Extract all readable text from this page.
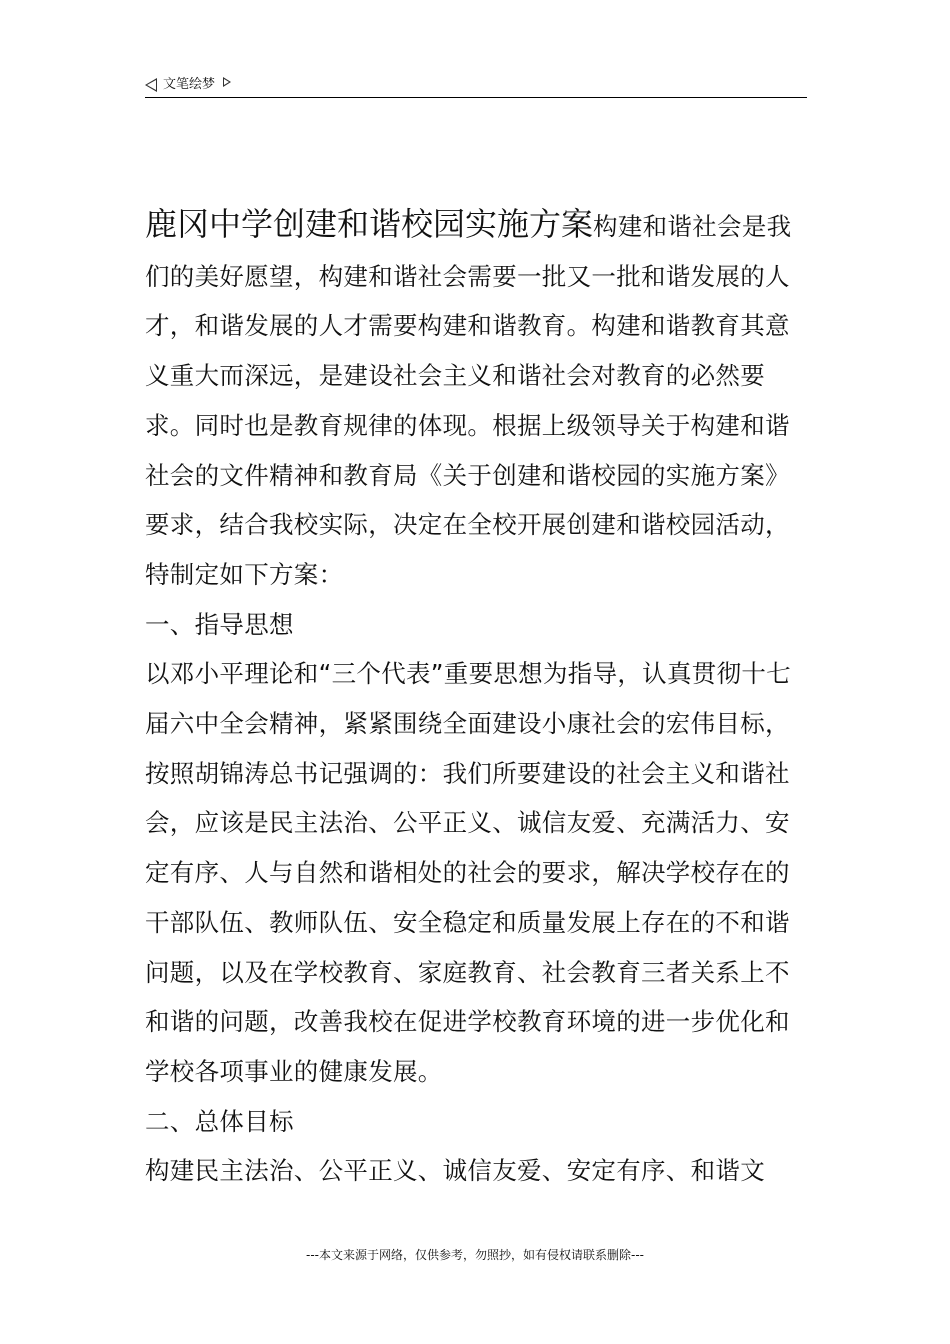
文笔绘梦

鹿冈中学创建和谐校园实施方案构建和谐社会是我们的美好愿望，构建和谐社会需要一批又一批和谐发展的人才，和谐发展的人才需要构建和谐教育。构建和谐教育其意义重大而深远，是建设社会主义和谐社会对教育的必然要求。同时也是教育规律的体现。根据上级领导关于构建和谐社会的文件精神和教育局《关于创建和谐校园的实施方案》要求，结合我校实际，决定在全校开展创建和谐校园活动，特制定如下方案：

一、指导思想

以邓小平理论和“三个代表”重要思想为指导，认真贯彻十七届六中全会精神，紧紧围绕全面建设小康社会的宏伟目标，按照胡锦涛总书记强调的：我们所要建设的社会主义和谐社会，应该是民主法治、公平正义、诚信友爱、充满活力、安定有序、人与自然和谐相处的社会的要求，解决学校存在的干部队伍、教师队伍、安全稳定和质量发展上存在的不和谐问题，以及在学校教育、家庭教育、社会教育三者关系上不和谐的问题，改善我校在促进学校教育环境的进一步优化和学校各项事业的健康发展。

二、总体目标

构建民主法治、公平正义、诚信友爱、安定有序、和谐文

---本文来源于网络，仅供参考，勿照抄，如有侵权请联系删除---
